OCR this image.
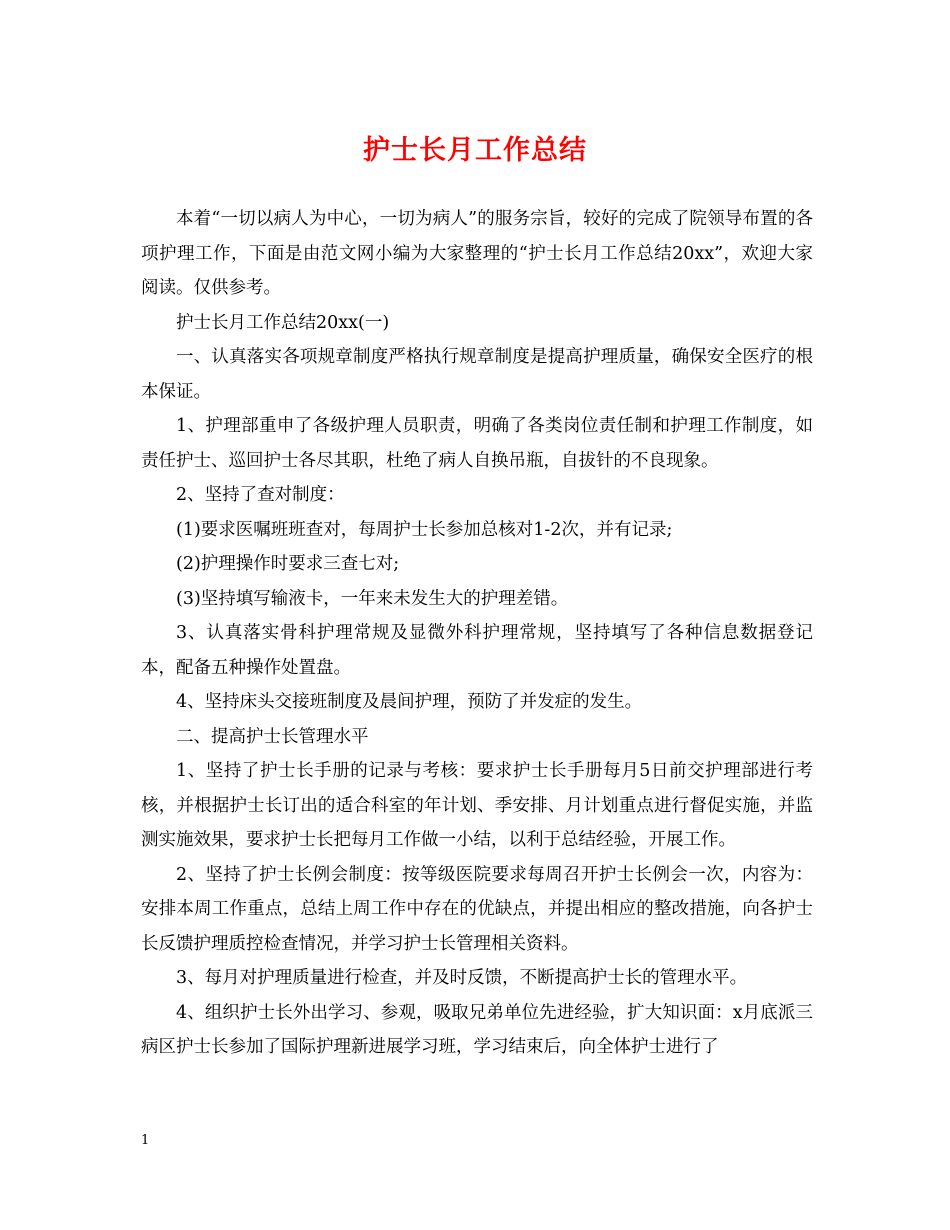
护士长月工作总结

本着“一切以病人为中心，一切为病人”的服务宗旨，较好的完成了院领导布置的各项护理工作，下面是由范文网小编为大家整理的“护士长月工作总结20xx”，欢迎大家阅读。仅供参考。

护士长月工作总结20xx(一)

一、认真落实各项规章制度严格执行规章制度是提高护理质量，确保安全医疗的根本保证。

1、护理部重申了各级护理人员职责，明确了各类岗位责任制和护理工作制度，如责任护士、巡回护士各尽其职，杜绝了病人自换吊瓶，自拔针的不良现象。

2、坚持了查对制度：

(1)要求医嘱班班查对，每周护士长参加总核对1-2次，并有记录;

(2)护理操作时要求三查七对;

(3)坚持填写输液卡，一年来未发生大的护理差错。

3、认真落实骨科护理常规及显微外科护理常规，坚持填写了各种信息数据登记本，配备五种操作处置盘。

4、坚持床头交接班制度及晨间护理，预防了并发症的发生。

二、提高护士长管理水平

1、坚持了护士长手册的记录与考核：要求护士长手册每月5日前交护理部进行考核，并根据护士长订出的适合科室的年计划、季安排、月计划重点进行督促实施，并监测实施效果，要求护士长把每月工作做一小结，以利于总结经验，开展工作。

2、坚持了护士长例会制度：按等级医院要求每周召开护士长例会一次，内容为：安排本周工作重点，总结上周工作中存在的优缺点，并提出相应的整改措施，向各护士长反馈护理质控检查情况，并学习护士长管理相关资料。

3、每月对护理质量进行检查，并及时反馈，不断提高护士长的管理水平。

4、组织护士长外出学习、参观，吸取兄弟单位先进经验，扩大知识面：x月底派三病区护士长参加了国际护理新进展学习班，学习结束后，向全体护士进行了

1
